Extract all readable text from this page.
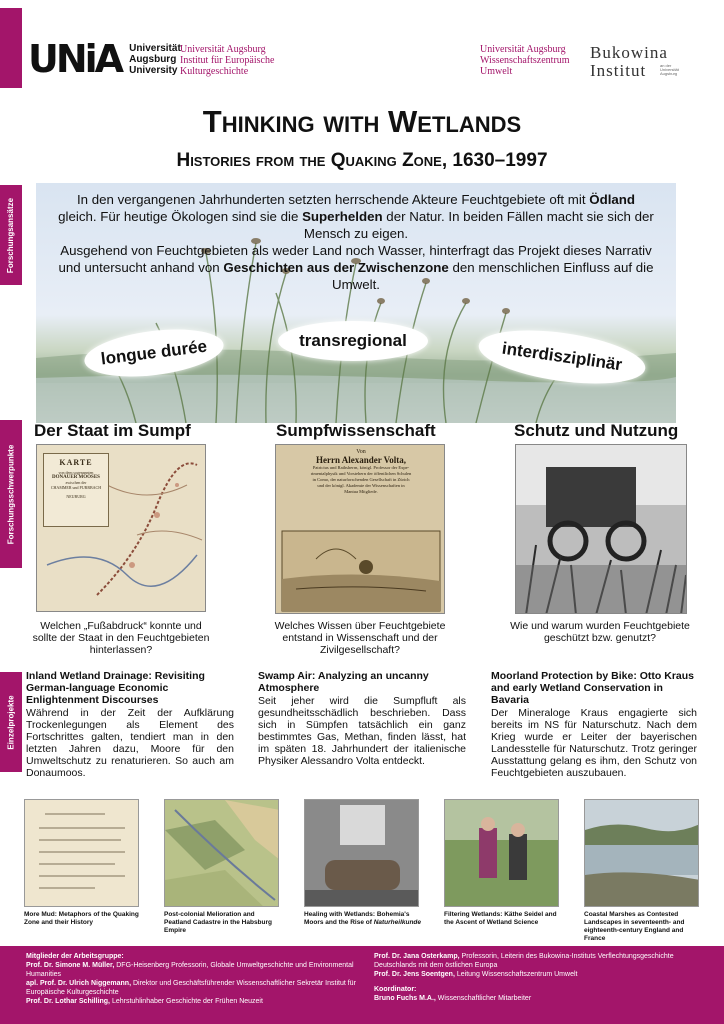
Forschungsansätze
Forschungsschwerpunkte
Einzelprojekte
UNiA Universität
Augsburg
University
Universität Augsburg
Institut für Europäische
Kulturgeschichte
Universität Augsburg
Wissenschaftszentrum
Umwelt
Bukowina
Institut	an der Universität Augsburg
Thinking with Wetlands
Histories from the Quaking Zone, 1630–1997
In den vergangenen Jahrhunderten setzten herrschende Akteure Feuchtgebiete oft mit Ödland gleich. Für heutige Ökologen sind sie die Superhelden der Natur. In beiden Fällen macht sie sich der Mensch zu eigen.
Ausgehend von Feuchtgebieten als weder Land noch Wasser, hinterfragt das Projekt dieses Narrativ und untersucht anhand von Geschichten aus der Zwischenzone den menschlichen Einfluss auf die Umwelt.
longue durée	transregional	interdisziplinär
Der Staat im Sumpf	Sumpfwissenschaft	Schutz und Nutzung
KARTE
von dem sogenannten
DONAUER MOOSES
zwischen der
CHAMMER und PURRBACH
NEUBURG
Von
Herrn Alexander Volta,
Patricius und Rathsherrn, königl. Professor der Expe-
rimentalphysik und Vorstehern der öffentlichen Schulen
in Como, der naturforschenden Gesellschaft in Zürich
und der königl. Akademie der Wissenschaften in
Mantua Mitgliede.
Welchen „Fußabdruck“ konnte und sollte der Staat in den Feuchtgebieten hinterlassen?
Welches Wissen über Feuchtgebiete entstand in Wissenschaft und der Zivilgesellschaft?
Wie und warum wurden Feuchtgebiete geschützt bzw. genutzt?
Inland Wetland Drainage: Revisiting German-language Economic Enlightenment Discourses
Während in der Zeit der Aufklärung Trockenlegungen als Element des Fortschrittes galten, tendiert man in den letzten Jahren dazu, Moore für den Umweltschutz zu renaturieren. So auch am Donaumoos.
Swamp Air: Analyzing an uncanny Atmosphere
Seit jeher wird die Sumpfluft als gesundheitsschädlich beschrieben. Dass sich in Sümpfen tatsächlich ein ganz bestimmtes Gas, Methan, finden lässt, hat im späten 18. Jahrhundert der italienische Physiker Alessandro Volta entdeckt.
Moorland Protection by Bike: Otto Kraus and early Wetland Conservation in Bavaria
Der Mineraloge Kraus engagierte sich bereits im NS für Naturschutz. Nach dem Krieg wurde er Leiter der bayerischen Landesstelle für Naturschutz. Trotz geringer Ausstattung gelang es ihm, den Schutz von Feuchtgebieten auszubauen.
More Mud: Metaphors of the Quaking Zone and their History
Post-colonial Melioration and Peatland Cadastre in the Habsburg Empire
Healing with Wetlands: Bohemia's Moors and the Rise of Naturheilkunde
Filtering Wetlands: Käthe Seidel and the Ascent of Wetland Science
Coastal Marshes as Contested Landscapes in seventeenth- and eighteenth-century England and France
Mitglieder der Arbeitsgruppe:
Prof. Dr. Simone M. Müller, DFG-Heisenberg Professorin, Globale Umweltgeschichte und Environmental Humanities
apl. Prof. Dr. Ulrich Niggemann, Direktor und Geschäftsführender Wissenschaftlicher Sekretär Institut für Europäische Kulturgeschichte
Prof. Dr. Lothar Schilling, Lehrstuhlinhaber Geschichte der Frühen Neuzeit
Prof. Dr. Jana Osterkamp, Professorin, Leiterin des Bukowina-Instituts Verflechtungsgeschichte Deutschlands mit dem östlichen Europa
Prof. Dr. Jens Soentgen, Leitung Wissenschaftszentrum Umwelt
Koordinator:
Bruno Fuchs M.A., Wissenschaftlicher Mitarbeiter
